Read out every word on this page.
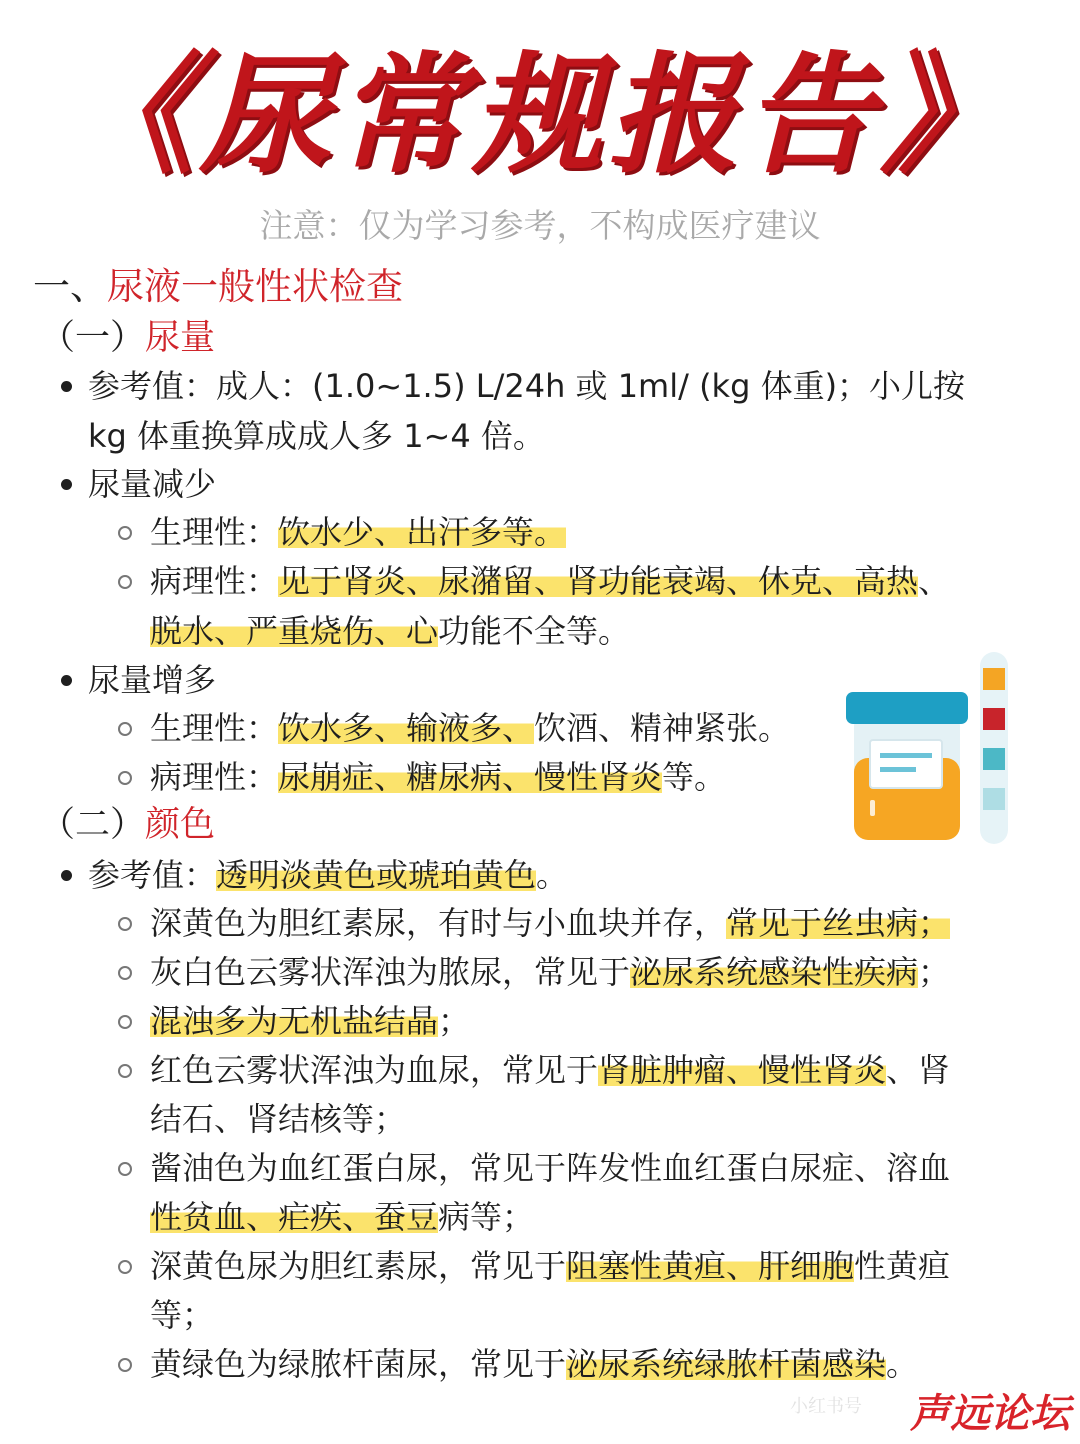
《尿常规报告》
注意：仅为学习参考，不构成医疗建议
一、尿液一般性状检查
（一）尿量
参考值：成人：(1.0~1.5) L/24h 或 1ml/ (kg 体重)；小儿按
kg 体重换算成成人多 1~4 倍。
尿量减少
生理性：饮水少、出汗多等。
病理性：见于肾炎、尿潴留、肾功能衰竭、休克、高热、
脱水、严重烧伤、心功能不全等。
尿量增多
生理性：饮水多、输液多、饮酒、精神紧张。
病理性：尿崩症、糖尿病、慢性肾炎等。
（二）颜色
参考值：透明淡黄色或琥珀黄色。
深黄色为胆红素尿，有时与小血块并存，常见于丝虫病；
灰白色云雾状浑浊为脓尿，常见于泌尿系统感染性疾病；
混浊多为无机盐结晶；
红色云雾状浑浊为血尿，常见于肾脏肿瘤、慢性肾炎、肾
结石、肾结核等；
酱油色为血红蛋白尿，常见于阵发性血红蛋白尿症、溶血
性贫血、疟疾、蚕豆病等；
深黄色尿为胆红素尿，常见于阻塞性黄疸、肝细胞性黄疸
等；
黄绿色为绿脓杆菌尿，常见于泌尿系统绿脓杆菌感染。
小红书号 声远论坛
